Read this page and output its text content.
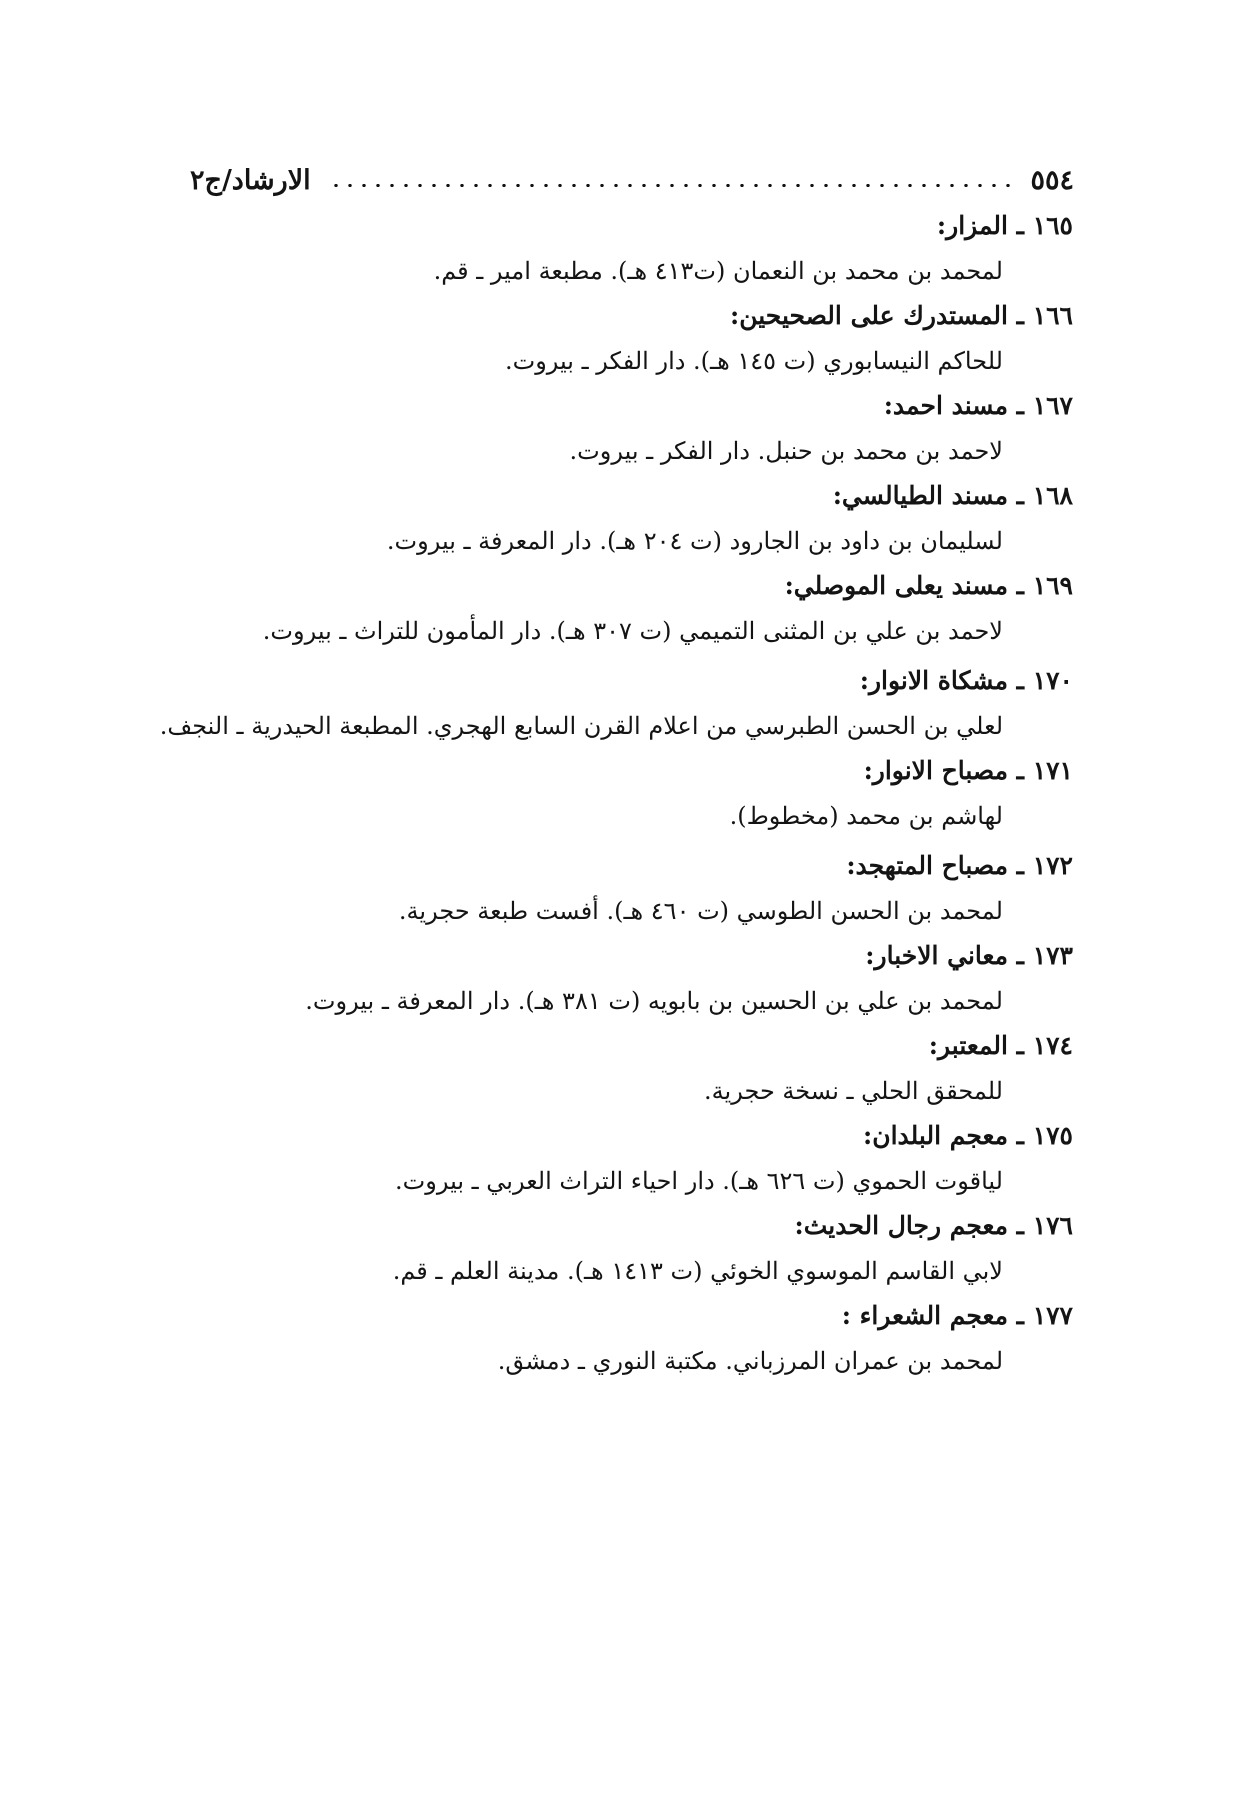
٥٥٤
الارشاد/ج٢
١٦٥ ـ المزار:
لمحمد بن محمد بن النعمان (ت٤١٣ هـ). مطبعة امير ـ قم.
١٦٦ ـ المستدرك على الصحيحين:
للحاكم النيسابوري (ت ١٤٥ هـ). دار الفكر ـ بيروت.
١٦٧ ـ مسند احمد:
لاحمد بن محمد بن حنبل. دار الفكر ـ بيروت.
١٦٨ ـ مسند الطيالسي:
لسليمان بن داود بن الجارود (ت ٢٠٤ هـ). دار المعرفة ـ بيروت.
١٦٩ ـ مسند يعلى الموصلي:
لاحمد بن علي بن المثنى التميمي (ت ٣٠٧ هـ). دار المأمون للتراث ـ بيروت.
١٧٠ ـ مشكاة الانوار:
لعلي بن الحسن الطبرسي من اعلام القرن السابع الهجري. المطبعة الحيدرية ـ النجف.
١٧١ ـ مصباح الانوار:
لهاشم بن محمد (مخطوط).
١٧٢ ـ مصباح المتهجد:
لمحمد بن الحسن الطوسي (ت ٤٦٠ هـ). أفست طبعة حجرية.
١٧٣ ـ معاني الاخبار:
لمحمد بن علي بن الحسين بن بابويه (ت ٣٨١ هـ). دار المعرفة ـ بيروت.
١٧٤ ـ المعتبر:
للمحقق الحلي ـ نسخة حجرية.
١٧٥ ـ معجم البلدان:
لياقوت الحموي (ت ٦٢٦ هـ). دار احياء التراث العربي ـ بيروت.
١٧٦ ـ معجم رجال الحديث:
لابي القاسم الموسوي الخوئي (ت ١٤١٣ هـ). مدينة العلم ـ قم.
١٧٧ ـ معجم الشعراء :
لمحمد بن عمران المرزباني. مكتبة النوري ـ دمشق.
